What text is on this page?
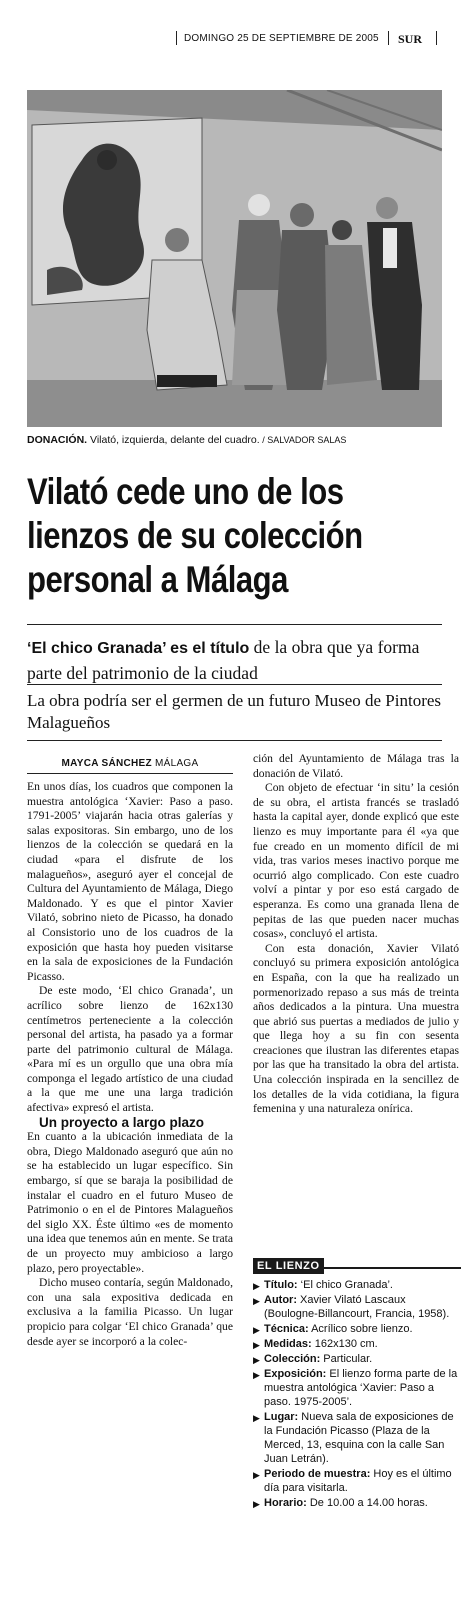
DOMINGO 25 DE SEPTIEMBRE DE 2005 SUR
DONACIÓN. Vilató, izquierda, delante del cuadro. / SALVADOR SALAS
Vilató cede uno de los
lienzos de su colección
personal a Málaga
‘El chico Granada’ es el título de la obra que ya forma parte del patrimonio de la ciudad
La obra podría ser el germen de un futuro Museo de Pintores Malagueños
MAYCA SÁNCHEZ MÁLAGA

En unos días, los cuadros que componen la muestra antológica ‘Xavier: Paso a paso. 1791-2005’ viajarán hacia otras galerías y salas expositoras. Sin embargo, uno de los lienzos de la colección se quedará en la ciudad «para el disfrute de los malagueños», aseguró ayer el concejal de Cultura del Ayuntamiento de Málaga, Diego Maldonado. Y es que el pintor Xavier Vilató, sobrino nieto de Picasso, ha donado al Consistorio uno de los cuadros de la exposición que hasta hoy pueden visitarse en la sala de exposiciones de la Fundación Picasso.

De este modo, ‘El chico Granada’, un acrílico sobre lienzo de 162x130 centímetros perteneciente a la colección personal del artista, ha pasado ya a formar parte del patrimonio cultural de Málaga. «Para mí es un orgullo que una obra mía componga el legado artístico de una ciudad a la que me une una larga tradición afectiva» expresó el artista.

Un proyecto a largo plazo

En cuanto a la ubicación inmediata de la obra, Diego Maldonado aseguró que aún no se ha establecido un lugar específico. Sin embargo, sí que se baraja la posibilidad de instalar el cuadro en el futuro Museo de Patrimonio o en el de Pintores Malagueños del siglo XX. Éste último «es de momento una idea que tenemos aún en mente. Se trata de un proyecto muy ambicioso a largo plazo, pero proyectable».

Dicho museo contaría, según Maldonado, con una sala expositiva dedicada en exclusiva a la familia Picasso. Un lugar propicio para colgar ‘El chico Granada’ que desde ayer se incorporó a la colec-

ción del Ayuntamiento de Málaga tras la donación de Vilató.

Con objeto de efectuar ‘in situ’ la cesión de su obra, el artista francés se trasladó hasta la capital ayer, donde explicó que este lienzo es muy importante para él «ya que fue creado en un momento difícil de mi vida, tras varios meses inactivo porque me ocurrió algo complicado. Con este cuadro volví a pintar y por eso está cargado de esperanza. Es como una granada llena de pepitas de las que pueden nacer muchas cosas», concluyó el artista.

Con esta donación, Xavier Vilató concluyó su primera exposición antológica en España, con la que ha realizado un pormenorizado repaso a sus más de treinta años dedicados a la pintura. Una muestra que abrió sus puertas a mediados de julio y que llega hoy a su fin con sesenta creaciones que ilustran las diferentes etapas por las que ha transitado la obra del artista. Una colección inspirada en la sencillez de los detalles de la vida cotidiana, la figura femenina y una naturaleza onírica.

EL LIENZO
▶ Título: ‘El chico Granada’.
▶ Autor: Xavier Vilató Lascaux (Boulogne-Billancourt, Francia, 1958).
▶ Técnica: Acrílico sobre lienzo.
▶ Medidas: 162x130 cm.
▶ Colección: Particular.
▶ Exposición: El lienzo forma parte de la muestra antológica ‘Xavier: Paso a paso. 1975-2005’.
▶ Lugar: Nueva sala de exposiciones de la Fundación Picasso (Plaza de la Merced, 13, esquina con la calle San Juan Letrán).
▶ Periodo de muestra: Hoy es el último día para visitarla.
▶ Horario: De 10.00 a 14.00 horas.
